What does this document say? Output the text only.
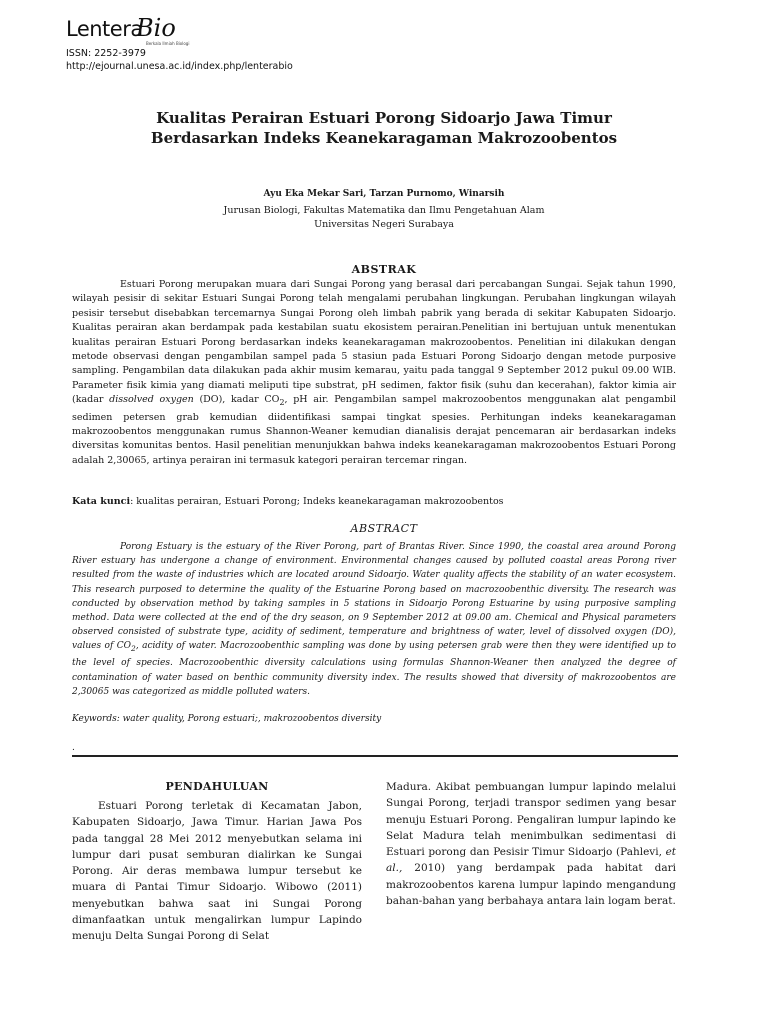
Lentera
Bio
Berkala Ilmiah Biologi
ISSN: 2252-3979
http://ejournal.unesa.ac.id/index.php/lenterabio
Kualitas Perairan Estuari Porong Sidoarjo Jawa Timur
Berdasarkan Indeks Keanekaragaman Makrozoobentos
Ayu Eka Mekar Sari, Tarzan Purnomo, Winarsih
Jurusan Biologi, Fakultas Matematika dan Ilmu Pengetahuan Alam
Universitas Negeri Surabaya
ABSTRAK

Estuari Porong merupakan muara dari Sungai Porong yang berasal dari percabangan Sungai. Sejak tahun 1990, wilayah pesisir di sekitar Estuari Sungai Porong telah mengalami perubahan lingkungan. Perubahan lingkungan wilayah pesisir tersebut disebabkan tercemarnya Sungai Porong oleh limbah pabrik yang berada di sekitar Kabupaten Sidoarjo. Kualitas perairan akan berdampak pada kestabilan suatu ekosistem perairan.Penelitian ini bertujuan untuk menentukan kualitas perairan Estuari Porong berdasarkan indeks keanekaragaman makrozoobentos. Penelitian ini dilakukan dengan metode observasi dengan pengambilan sampel pada 5 stasiun pada Estuari Porong Sidoarjo dengan metode purposive sampling. Pengambilan data dilakukan pada akhir musim kemarau, yaitu pada tanggal 9 September 2012 pukul 09.00 WIB. Parameter fisik kimia yang diamati meliputi tipe substrat, pH sedimen, faktor fisik (suhu dan kecerahan), faktor kimia air (kadar dissolved oxygen (DO), kadar $CO_2$, pH air. Pengambilan sampel makrozoobentos menggunakan alat pengambil sedimen petersen grab kemudian diidentifikasi sampai tingkat spesies. Perhitungan indeks keanekaragaman makrozoobentos menggunakan rumus Shannon-Weaner kemudian dianalisis derajat pencemaran air berdasarkan indeks diversitas komunitas bentos. Hasil penelitian menunjukkan bahwa indeks keanekaragaman makrozoobentos Estuari Porong adalah 2,30065, artinya perairan ini termasuk kategori perairan tercemar ringan.

Kata kunci: kualitas perairan, Estuari Porong; Indeks keanekaragaman makrozoobentos
ABSTRACT

Porong Estuary is the estuary of the River Porong, part of Brantas River. Since 1990, the coastal area around Porong River estuary has undergone a change of environment. Environmental changes caused by polluted coastal areas Porong river resulted from the waste of industries which are located around Sidoarjo. Water quality affects the stability of an water ecosystem. This research purposed to determine the quality of the Estuarine Porong based on macrozoobenthic diversity. The research was conducted by observation method by taking samples in 5 stations in Sidoarjo Porong Estuarine by using purposive sampling method. Data were collected at the end of the dry season, on 9 September 2012 at 09.00 am. Chemical and Physical parameters observed consisted of substrate type, acidity of sediment, temperature and brightness of water, level of dissolved oxygen (DO), values of $CO_2$, acidity of water. Macrozoobenthic sampling was done by using petersen grab were then they were identified up to the level of species. Macrozoobenthic diversity calculations using formulas Shannon-Weaner then analyzed the degree of contamination of water based on benthic community diversity index. The results showed that diversity of makrozoobentos are 2,30065 was categorized as middle polluted waters.

Keywords: water quality, Porong estuari;, makrozoobentos diversity
.
PENDAHULUAN

Estuari Porong terletak di Kecamatan Jabon, Kabupaten Sidoarjo, Jawa Timur. Harian Jawa Pos pada tanggal 28 Mei 2012 menyebutkan selama ini lumpur dari pusat semburan dialirkan ke Sungai Porong. Air deras membawa lumpur tersebut ke muara di Pantai Timur Sidoarjo. Wibowo (2011) menyebutkan bahwa saat ini Sungai Porong dimanfaatkan untuk mengalirkan lumpur Lapindo menuju Delta Sungai Porong di Selat

Madura. Akibat pembuangan lumpur lapindo melalui Sungai Porong, terjadi transpor sedimen yang besar menuju Estuari Porong. Pengaliran lumpur lapindo ke Selat Madura telah menimbulkan sedimentasi di Estuari porong dan Pesisir Timur Sidoarjo (Pahlevi, et al., 2010) yang berdampak pada habitat dari makrozoobentos karena lumpur lapindo mengandung bahan-bahan yang berbahaya antara lain logam berat.
